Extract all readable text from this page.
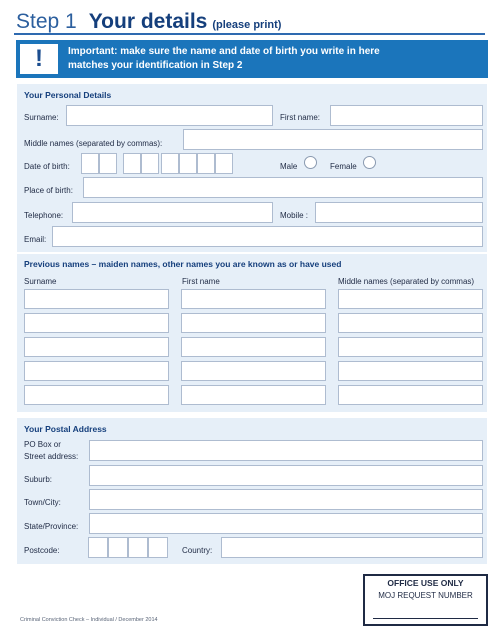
Step 1 Your details (please print)
!	Important: make sure the name and date of birth you write in here
matches your identification in Step 2
Your Personal Details
Surname:	First name:
Middle names (separated by commas):
Date of birth:	Male	Female
Place of birth:
Telephone:	Mobile :
Email:
Previous names – maiden names, other names you are known as or have used
Surname	First name	Middle names (separated by commas)
Your Postal Address
PO Box or
Street address:
Suburb:
Town/City:
State/Province:
Postcode:	Country:
OFFICE USE ONLY
MOJ REQUEST NUMBER
Criminal Conviction Check – Individual / December 2014
